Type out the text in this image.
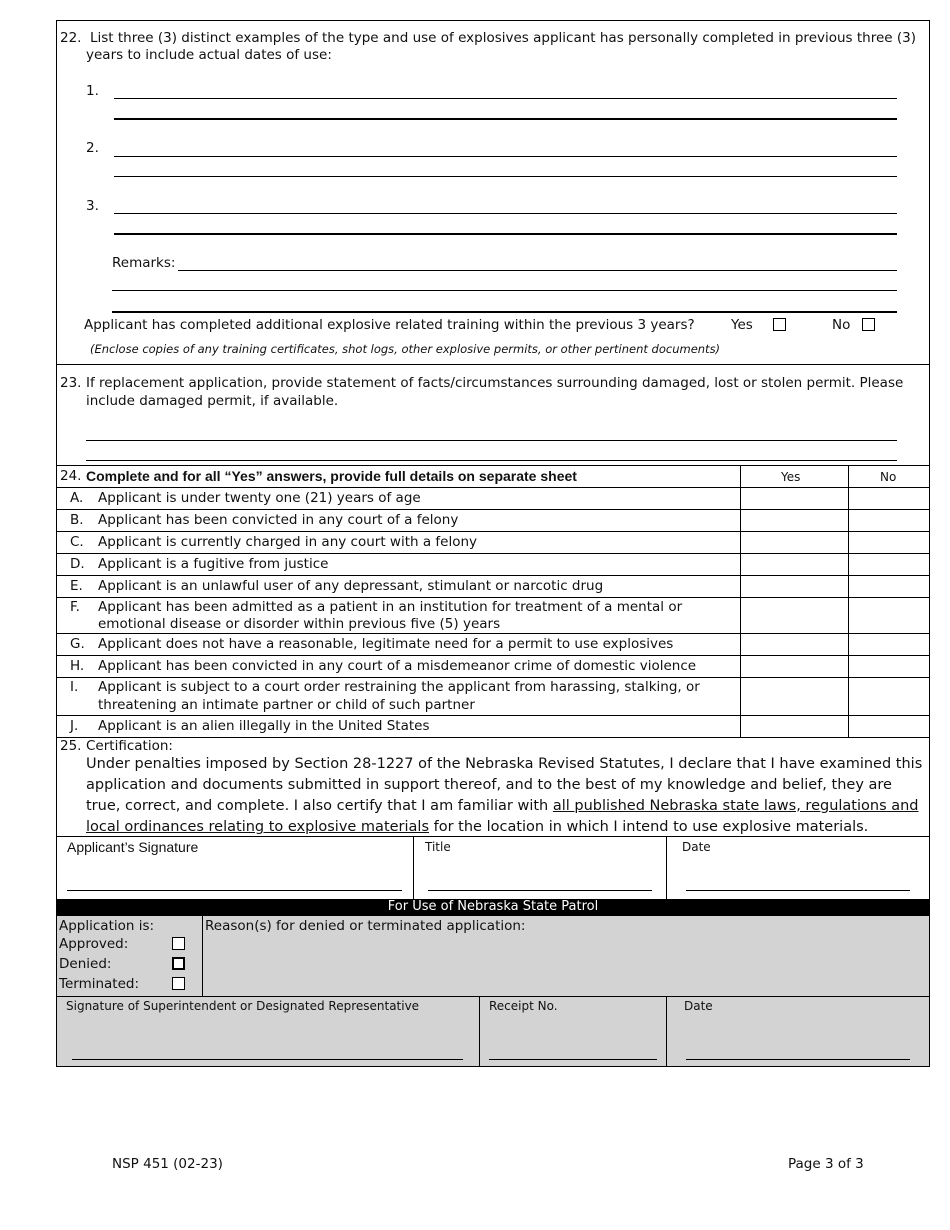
22. List three (3) distinct examples of the type and use of explosives applicant has personally completed in previous three (3)
years to include actual dates of use:
1.
2.
3.
Remarks:
Applicant has completed additional explosive related training within the previous 3 years?	Yes	No
(Enclose copies of any training certificates, shot logs, other explosive permits, or other pertinent documents)
23. If replacement application, provide statement of facts/circumstances surrounding damaged, lost or stolen permit. Please
include damaged permit, if available.
24. Complete and for all “Yes” answers, provide full details on separate sheet	Yes	No
A. Applicant is under twenty one (21) years of age
B. Applicant has been convicted in any court of a felony
C. Applicant is currently charged in any court with a felony
D. Applicant is a fugitive from justice
E. Applicant is an unlawful user of any depressant, stimulant or narcotic drug
F. Applicant has been admitted as a patient in an institution for treatment of a mental or
emotional disease or disorder within previous five (5) years
G. Applicant does not have a reasonable, legitimate need for a permit to use explosives
H. Applicant has been convicted in any court of a misdemeanor crime of domestic violence
I. Applicant is subject to a court order restraining the applicant from harassing, stalking, or
threatening an intimate partner or child of such partner
J. Applicant is an alien illegally in the United States
25. Certification:
Under penalties imposed by Section 28-1227 of the Nebraska Revised Statutes, I declare that I have examined this
application and documents submitted in support thereof, and to the best of my knowledge and belief, they are
true, correct, and complete. I also certify that I am familiar with all published Nebraska state laws, regulations and
local ordinances relating to explosive materials for the location in which I intend to use explosive materials.
Applicant’s Signature	Title	Date
For Use of Nebraska State Patrol
Application is:
Approved:
Denied:
Terminated:
Reason(s) for denied or terminated application:
Signature of Superintendent or Designated Representative	Receipt No.	Date
NSP 451 (02-23)	Page 3 of 3
